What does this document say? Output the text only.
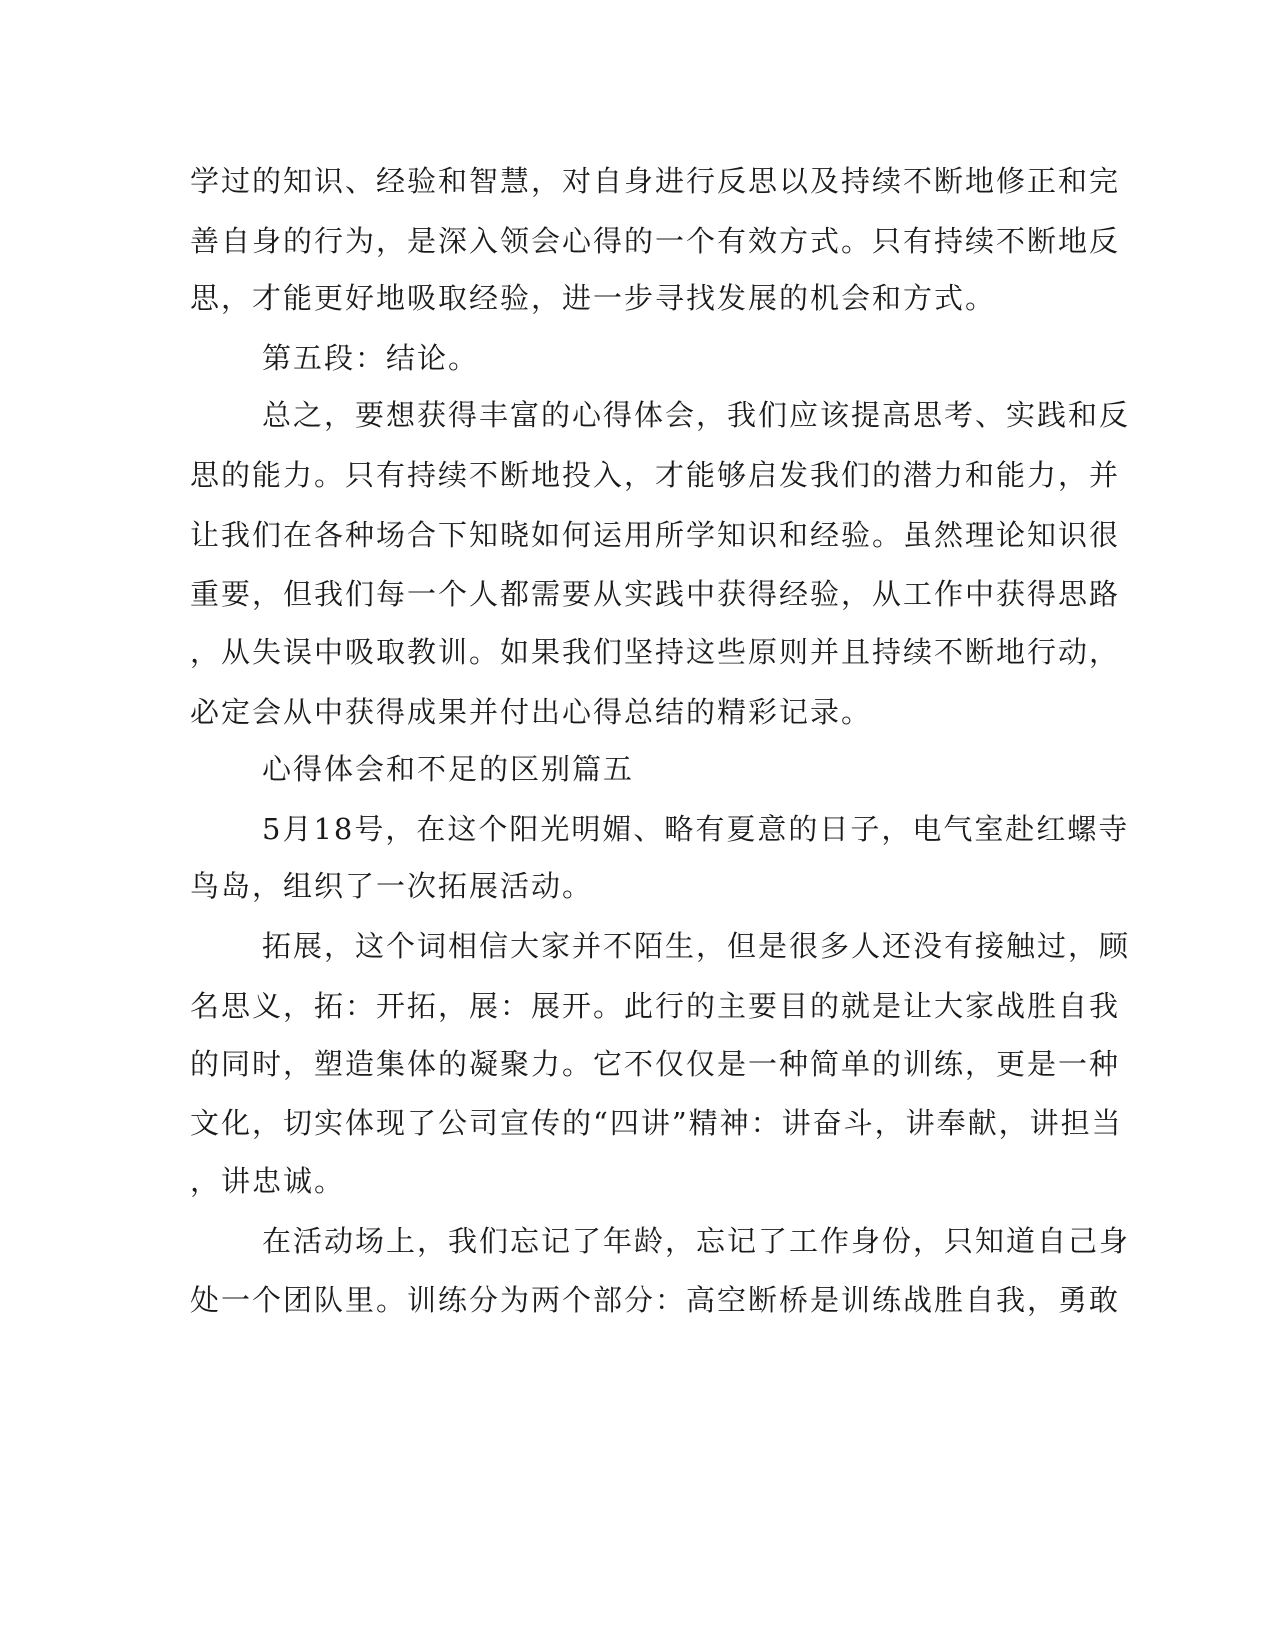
学过的知识、经验和智慧，对自身进行反思以及持续不断地修正和完
善自身的行为，是深入领会心得的一个有效方式。只有持续不断地反
思，才能更好地吸取经验，进一步寻找发展的机会和方式。
第五段：结论。
总之，要想获得丰富的心得体会，我们应该提高思考、实践和反
思的能力。只有持续不断地投入，才能够启发我们的潜力和能力，并
让我们在各种场合下知晓如何运用所学知识和经验。虽然理论知识很
重要，但我们每一个人都需要从实践中获得经验，从工作中获得思路
，从失误中吸取教训。如果我们坚持这些原则并且持续不断地行动，
必定会从中获得成果并付出心得总结的精彩记录。
心得体会和不足的区别篇五
5月18号，在这个阳光明媚、略有夏意的日子，电气室赴红螺寺
鸟岛，组织了一次拓展活动。
拓展，这个词相信大家并不陌生，但是很多人还没有接触过，顾
名思义，拓：开拓，展：展开。此行的主要目的就是让大家战胜自我
的同时，塑造集体的凝聚力。它不仅仅是一种简单的训练，更是一种
文化，切实体现了公司宣传的“四讲”精神：讲奋斗，讲奉献，讲担当
，讲忠诚。
在活动场上，我们忘记了年龄，忘记了工作身份，只知道自己身
处一个团队里。训练分为两个部分：高空断桥是训练战胜自我，勇敢
